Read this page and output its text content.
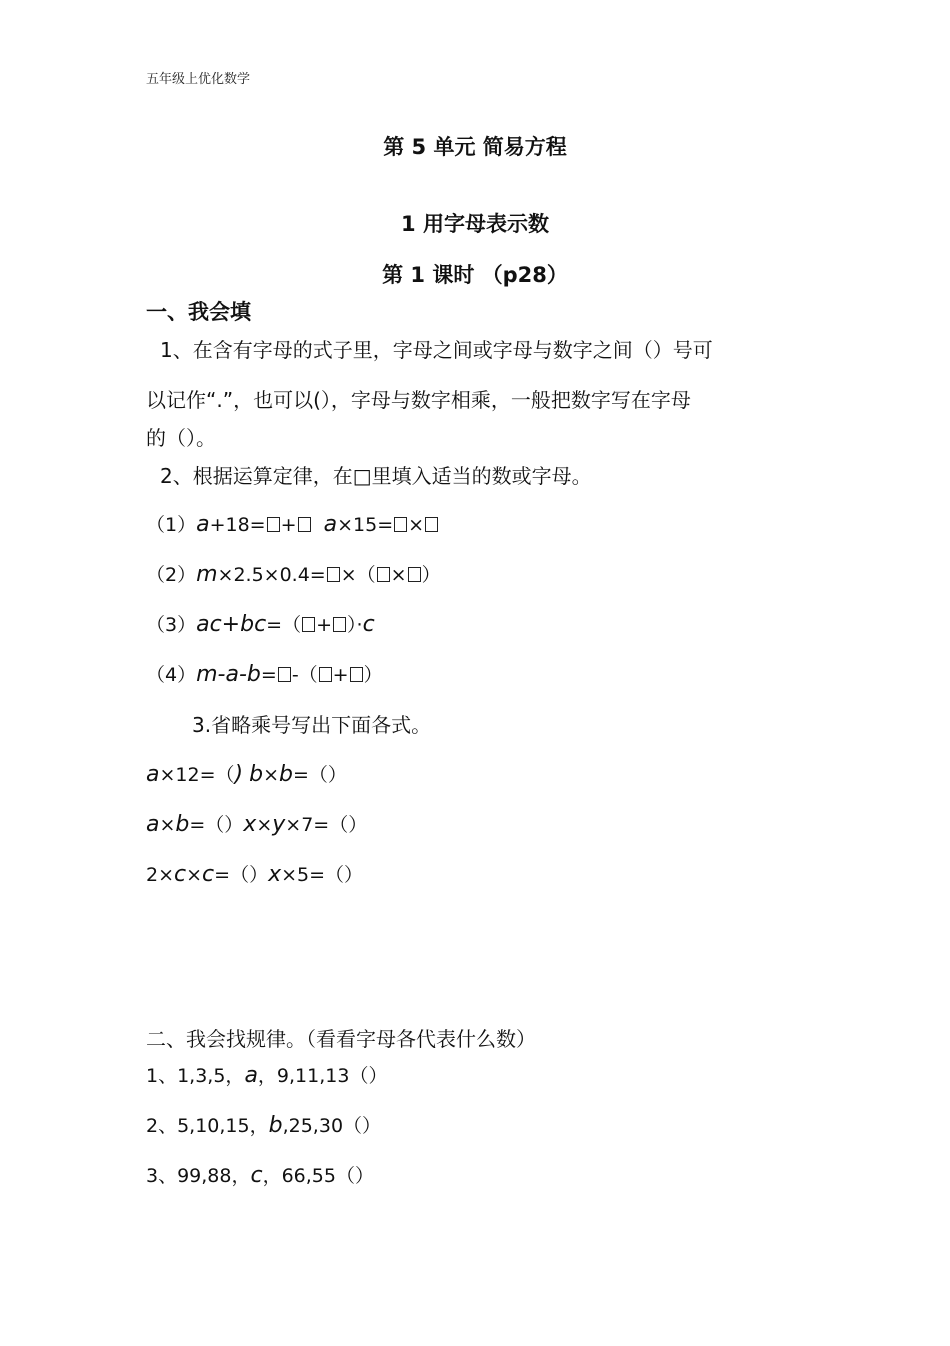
五年级上优化数学
第 5 单元 简易方程
1 用字母表示数
第 1 课时 （p28）
一、我会填
1、在含有字母的式子里，字母之间或字母与数字之间（）号可
以记作“.”，也可以(），字母与数字相乘，一般把数字写在字母
的（）。
2、根据运算定律，在□里填入适当的数或字母。
（1）a+18= + a×15= ×
（2）m×2.5×0.4= ×（ × ）
（3）ac+bc=（ + ）·c
（4）m-a-b= -（ + ）
3.省略乘号写出下面各式。
a×12=（) b×b=（）
a×b=（）x×y×7=（）
2×c×c=（）x×5=（）
二、我会找规律。（看看字母各代表什么数）
1、1,3,5，a，9,11,13（）
2、5,10,15，b,25,30（）
3、99,88，c，66,55（）
